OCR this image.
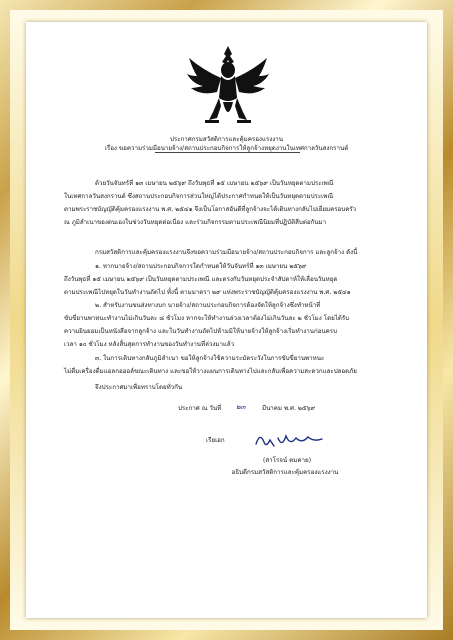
ประกาศกรมสวัสดิการและคุ้มครองแรงงาน
เรื่อง ขอความร่วมมือนายจ้าง/สถานประกอบกิจการให้ลูกจ้างหยุดงานในเทศกาลวันสงกรานต์
ด้วยวันจันทร์ที่ ๑๓ เมษายน ๒๕๖๙ ถึงวันพุธที่ ๑๕ เมษายน ๒๕๖๙ เป็นวันหยุดตามประเพณี
ในเทศกาลวันสงกรานต์ ซึ่งสถานประกอบกิจการส่วนใหญ่ได้ประกาศกำหนดให้เป็นวันหยุดตามประเพณี
ตามพระราชบัญญัติคุ้มครองแรงงาน พ.ศ. ๒๕๔๑ จึงเป็นโอกาสอันดีที่ลูกจ้างจะได้เดินทางกลับไปเยี่ยมครอบครัว
ณ ภูมิลำเนาของตนเองในช่วงวันหยุดต่อเนื่อง และร่วมกิจกรรมตามประเพณีนิยมที่ปฏิบัติสืบต่อกันมา
กรมสวัสดิการและคุ้มครองแรงงานจึงขอความร่วมมือนายจ้าง/สถานประกอบกิจการ และลูกจ้าง ดังนี้
๑. หากนายจ้าง/สถานประกอบกิจการใดกำหนดให้วันจันทร์ที่ ๑๓ เมษายน ๒๕๖๙
ถึงวันพุธที่ ๑๕ เมษายน ๒๕๖๙ เป็นวันหยุดตามประเพณี และตรงกับวันหยุดประจำสัปดาห์ให้เลื่อนวันหยุด
ตามประเพณีไปหยุดในวันทำงานถัดไป ทั้งนี้ ตามมาตรา ๒๙ แห่งพระราชบัญญัติคุ้มครองแรงงาน พ.ศ. ๒๕๔๑
๒. สำหรับงานขนส่งทางบก นายจ้าง/สถานประกอบกิจการต้องจัดให้ลูกจ้างซึ่งทำหน้าที่
ขับขี่ยานพาหนะทำงานไม่เกินวันละ ๘ ชั่วโมง หากจะให้ทำงานล่วงเวลาต้องไม่เกินวันละ ๒ ชั่วโมง โดยได้รับ
ความยินยอมเป็นหนังสือจากลูกจ้าง และในวันทำงานถัดไปห้ามมิให้นายจ้างให้ลูกจ้างเริ่มทำงานก่อนครบ
เวลา ๑๐ ชั่วโมง หลังสิ้นสุดการทำงานของวันทำงานที่ล่วงมาแล้ว
๓. ในการเดินทางกลับภูมิลำเนา ขอให้ลูกจ้างใช้ความระมัดระวังในการขับขี่ยานพาหนะ
ไม่ดื่มเครื่องดื่มแอลกอฮอล์ขณะเดินทาง และขอให้วางแผนการเดินทางไปและกลับเพื่อความสะดวกและปลอดภัย
จึงประกาศมาเพื่อทราบโดยทั่วกัน
ประกาศ ณ วันที่ ๒๓	มีนาคม พ.ศ. ๒๕๖๙
เรียเอก
(สาโรจน์ คมคาย)
อธิบดีกรมสวัสดิการและคุ้มครองแรงงาน
